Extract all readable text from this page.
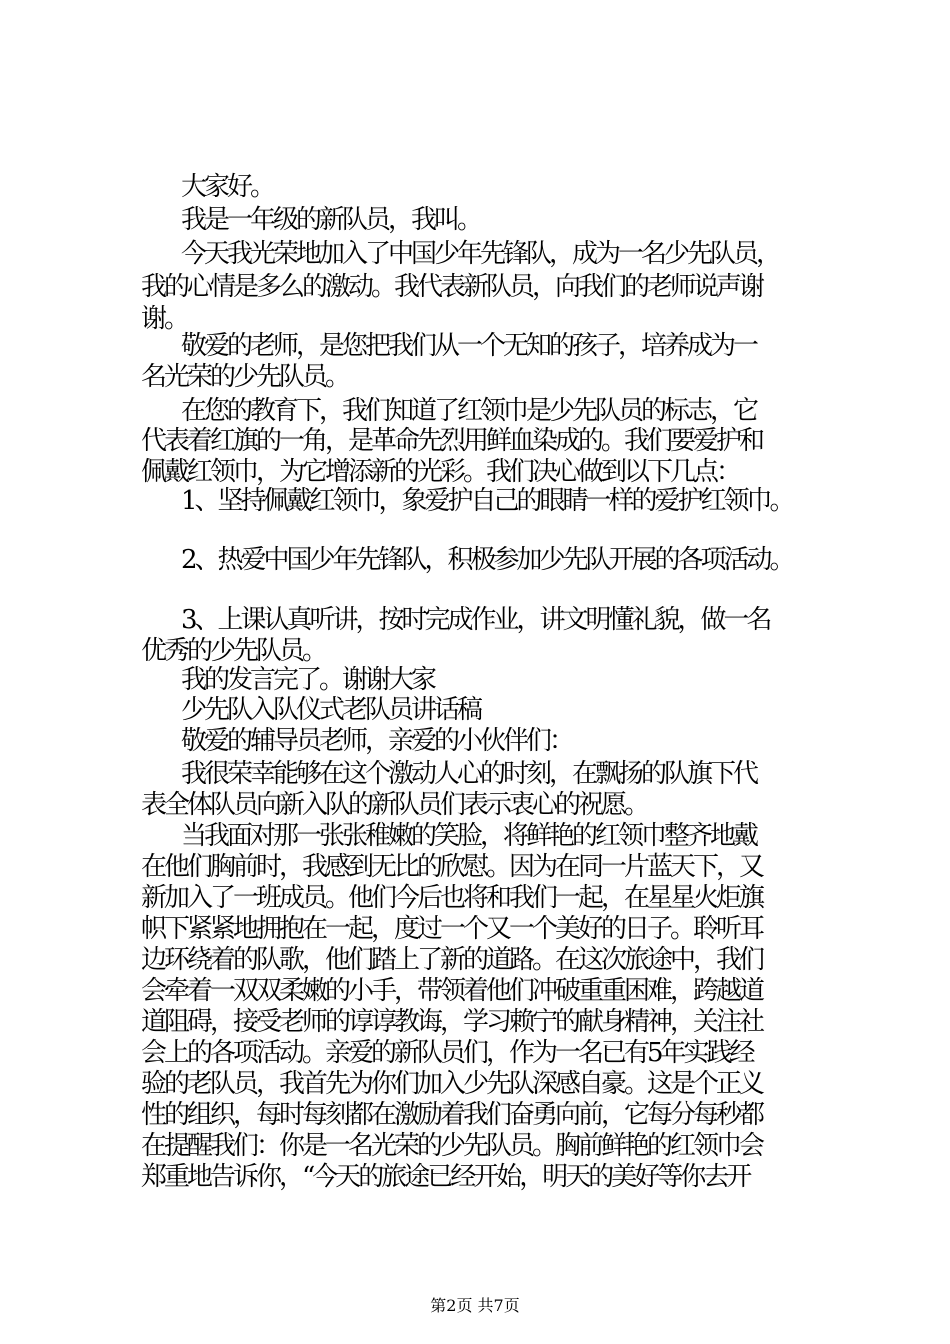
大家好。
我是一年级的新队员，我叫。
今天我光荣地加入了中国少年先锋队，成为一名少先队员，
我的心情是多么的激动。我代表新队员，向我们的老师说声谢
谢。
敬爱的老师，是您把我们从一个无知的孩子，培养成为一
名光荣的少先队员。
在您的教育下，我们知道了红领巾是少先队员的标志，它
代表着红旗的一角，是革命先烈用鲜血染成的。我们要爱护和
佩戴红领巾，为它增添新的光彩。我们决心做到以下几点：
1、坚持佩戴红领巾，象爱护自己的眼睛一样的爱护红领巾。
2、热爱中国少年先锋队，积极参加少先队开展的各项活动。
3、上课认真听讲，按时完成作业，讲文明懂礼貌，做一名
优秀的少先队员。
我的发言完了。谢谢大家
少先队入队仪式老队员讲话稿
敬爱的辅导员老师，亲爱的小伙伴们：
我很荣幸能够在这个激动人心的时刻，在飘扬的队旗下代
表全体队员向新入队的新队员们表示衷心的祝愿。
当我面对那一张张稚嫩的笑脸，将鲜艳的红领巾整齐地戴
在他们胸前时，我感到无比的欣慰。因为在同一片蓝天下，又
新加入了一班成员。他们今后也将和我们一起，在星星火炬旗
帜下紧紧地拥抱在一起，度过一个又一个美好的日子。聆听耳
边环绕着的队歌，他们踏上了新的道路。在这次旅途中，我们
会牵着一双双柔嫩的小手，带领着他们冲破重重困难，跨越道
道阻碍，接受老师的谆谆教诲，学习赖宁的献身精神，关注社
会上的各项活动。亲爱的新队员们，作为一名已有5年实践经
验的老队员，我首先为你们加入少先队深感自豪。这是个正义
性的组织，每时每刻都在激励着我们奋勇向前，它每分每秒都
在提醒我们：你是一名光荣的少先队员。胸前鲜艳的红领巾会
郑重地告诉你，“今天的旅途已经开始，明天的美好等你去开
第2页 共7页
